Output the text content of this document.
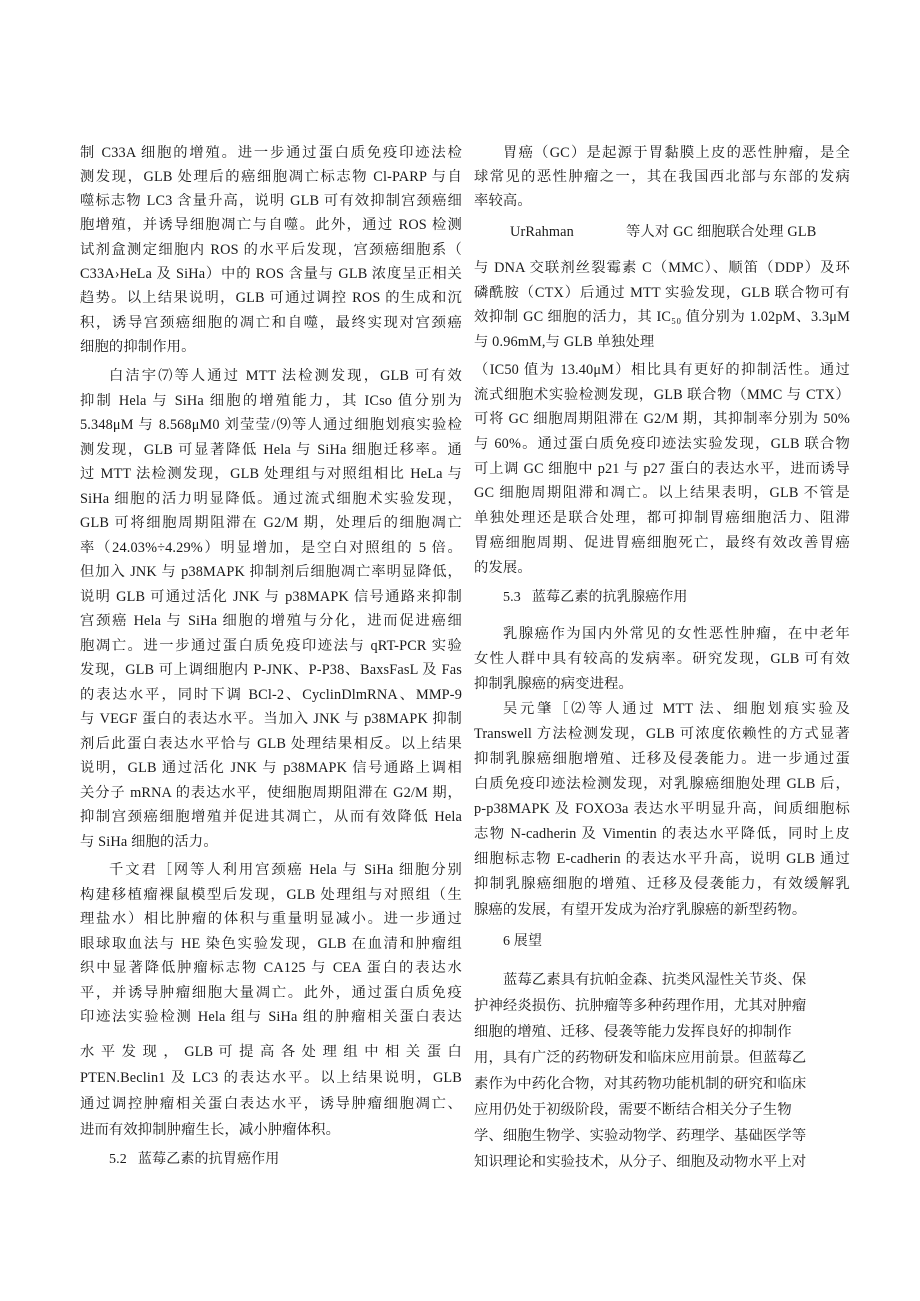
制 C33A 细胞的增殖。进一步通过蛋白质免疫印迹法检
测发现，GLB 处理后的癌细胞凋亡标志物 Cl-PARP 与自
噬标志物 LC3 含量升高，说明 GLB 可有效抑制宫颈癌细
胞增殖，并诱导细胞凋亡与自噬。此外，通过 ROS 检测
试剂盒测定细胞内 ROS 的水平后发现，宫颈癌细胞系（
C33A›HeLa 及 SiHa）中的 ROS 含量与 GLB 浓度呈正相关
趋势。以上结果说明，GLB 可通过调控 ROS 的生成和沉
积，诱导宫颈癌细胞的凋亡和自噬，最终实现对宫颈癌
细胞的抑制作用。
白洁宇⑺等人通过 MTT 法检测发现，GLB 可有效
抑制 Hela 与 SiHa 细胞的增殖能力，其 ICso 值分别为
5.348μM 与 8.568μM0 刘莹莹/⑼等人通过细胞划痕实验检
测发现，GLB 可显著降低 Hela 与 SiHa 细胞迁移率。通
过 MTT 法检测发现，GLB 处理组与对照组相比 HeLa 与
SiHa 细胞的活力明显降低。通过流式细胞术实验发现，
GLB 可将细胞周期阻滞在 G2/M 期，处理后的细胞凋亡
率（24.03%÷4.29%）明显增加，是空白对照组的 5 倍。
但加入 JNK 与 p38MAPK 抑制剂后细胞凋亡率明显降低，
说明 GLB 可通过活化 JNK 与 p38MAPK 信号通路来抑制
宫颈癌 Hela 与 SiHa 细胞的增殖与分化，进而促进癌细
胞凋亡。进一步通过蛋白质免疫印迹法与 qRT-PCR 实验
发现，GLB 可上调细胞内 P-JNK、P-P38、BaxsFasL 及 Fas
的表达水平，同时下调 BCl-2、CyclinDlmRNA、MMP-9
与 VEGF 蛋白的表达水平。当加入 JNK 与 p38MAPK 抑制
剂后此蛋白表达水平恰与 GLB 处理结果相反。以上结果
说明，GLB 通过活化 JNK 与 p38MAPK 信号通路上调相
关分子 mRNA 的表达水平，使细胞周期阻滞在 G2/M 期，
抑制宫颈癌细胞增殖并促进其凋亡，从而有效降低 Hela
与 SiHa 细胞的活力。
千文君［网等人利用宫颈癌 Hela 与 SiHa 细胞分别
构建移植瘤裸鼠模型后发现，GLB 处理组与对照组（生
理盐水）相比肿瘤的体积与重量明显减小。进一步通过
眼球取血法与 HE 染色实验发现，GLB 在血清和肿瘤组
织中显著降低肿瘤标志物 CA125 与 CEA 蛋白的表达水
平，并诱导肿瘤细胞大量凋亡。此外，通过蛋白质免疫
印迹法实验检测 Hela 组与 SiHa 组的肿瘤相关蛋白表达
水 平 发 现 ， GLB 可 提 高 各 处 理 组 中 相 关 蛋 白
PTEN.Beclin1 及 LC3 的表达水平。以上结果说明，GLB
通过调控肿瘤相关蛋白表达水平，诱导肿瘤细胞凋亡、
进而有效抑制肿瘤生长，减小肿瘤体积。
5.2   蓝莓乙素的抗胃癌作用
胃癌（GC）是起源于胃黏膜上皮的恶性肿瘤，是全
球常见的恶性肿瘤之一，其在我国西北部与东部的发病
率较高。
UrRahman	等人对 GC 细胞联合处理 GLB
与 DNA 交联剂丝裂霉素 C（MMC）、顺笛（DDP）及环
磷酰胺（CTX）后通过 MTT 实验发现，GLB 联合物可有
效抑制 GC 细胞的活力，其 IC₅₀ 值分别为 1.02pM、3.3μM
与 0.96mM,与 GLB 单独处理
（IC50 值为 13.40μM）相比具有更好的抑制活性。通过
流式细胞术实验检测发现，GLB 联合物（MMC 与 CTX）
可将 GC 细胞周期阻滞在 G2/M 期，其抑制率分别为 50%
与 60%。通过蛋白质免疫印迹法实验发现，GLB 联合物
可上调 GC 细胞中 p21 与 p27 蛋白的表达水平，进而诱导
GC 细胞周期阻滞和凋亡。以上结果表明，GLB 不管是
单独处理还是联合处理，都可抑制胃癌细胞活力、阻滞
胃癌细胞周期、促进胃癌细胞死亡，最终有效改善胃癌
的发展。
5.3   蓝莓乙素的抗乳腺癌作用
乳腺癌作为国内外常见的女性恶性肿瘤，在中老年
女性人群中具有较高的发病率。研究发现，GLB 可有效
抑制乳腺癌的病变进程。
吴元肇［⑵等人通过 MTT 法、细胞划痕实验及
Transwell 方法检测发现，GLB 可浓度依赖性的方式显著
抑制乳腺癌细胞增殖、迁移及侵袭能力。进一步通过蛋
白质免疫印迹法检测发现，对乳腺癌细胞处理 GLB 后，
p-p38MAPK 及 FOXO3a 表达水平明显升高，间质细胞标
志物 N-cadherin 及 Vimentin 的表达水平降低，同时上皮
细胞标志物 E-cadherin 的表达水平升高，说明 GLB 通过
抑制乳腺癌细胞的增殖、迁移及侵袭能力，有效缓解乳
腺癌的发展，有望开发成为治疗乳腺癌的新型药物。
6 展望
蓝莓乙素具有抗帕金森、抗类风湿性关节炎、保
护神经炎损伤、抗肿瘤等多种药理作用，尤其对肿瘤
细胞的增殖、迁移、侵袭等能力发挥良好的抑制作
用，具有广泛的药物研发和临床应用前景。但蓝莓乙
素作为中药化合物，对其药物功能机制的研究和临床
应用仍处于初级阶段，需要不断结合相关分子生物
学、细胞生物学、实验动物学、药理学、基础医学等
知识理论和实验技术，从分子、细胞及动物水平上对
